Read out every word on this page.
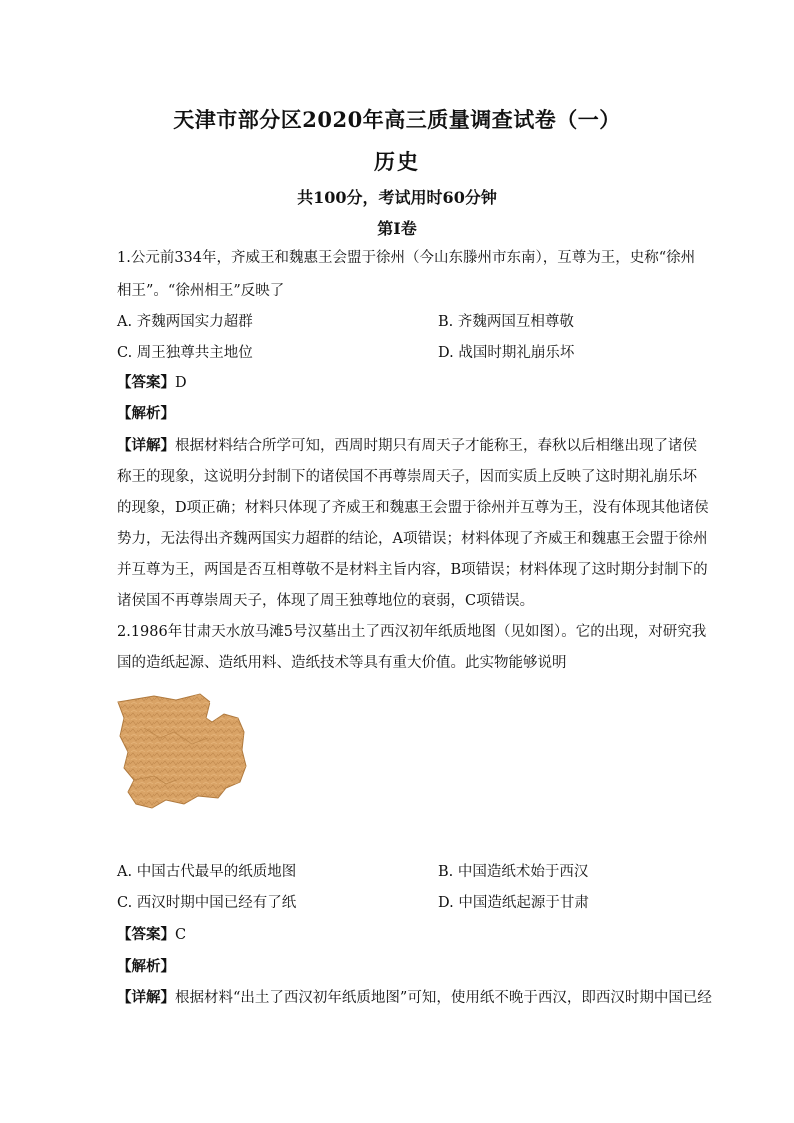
天津市部分区2020年高三质量调查试卷（一）
历史
共100分，考试用时60分钟
第I卷
1.公元前334年，齐威王和魏惠王会盟于徐州（今山东滕州市东南），互尊为王，史称“徐州
相王”。“徐州相王”反映了
A. 齐魏两国实力超群	B. 齐魏两国互相尊敬
C. 周王独尊共主地位	D. 战国时期礼崩乐坏
【答案】D
【解析】
【详解】根据材料结合所学可知，西周时期只有周天子才能称王，春秋以后相继出现了诸侯
称王的现象，这说明分封制下的诸侯国不再尊崇周天子，因而实质上反映了这时期礼崩乐坏
的现象，D项正确；材料只体现了齐威王和魏惠王会盟于徐州并互尊为王，没有体现其他诸侯
势力，无法得出齐魏两国实力超群的结论，A项错误；材料体现了齐威王和魏惠王会盟于徐州
并互尊为王，两国是否互相尊敬不是材料主旨内容，B项错误；材料体现了这时期分封制下的
诸侯国不再尊崇周天子，体现了周王独尊地位的衰弱，C项错误。
2.1986年甘肃天水放马滩5号汉墓出土了西汉初年纸质地图（见如图）。它的出现，对研究我
国的造纸起源、造纸用料、造纸技术等具有重大价值。此实物能够说明
A. 中国古代最早的纸质地图	B. 中国造纸术始于西汉
C. 西汉时期中国已经有了纸	D. 中国造纸起源于甘肃
【答案】C
【解析】
【详解】根据材料“出土了西汉初年纸质地图”可知，使用纸不晚于西汉，即西汉时期中国已经
